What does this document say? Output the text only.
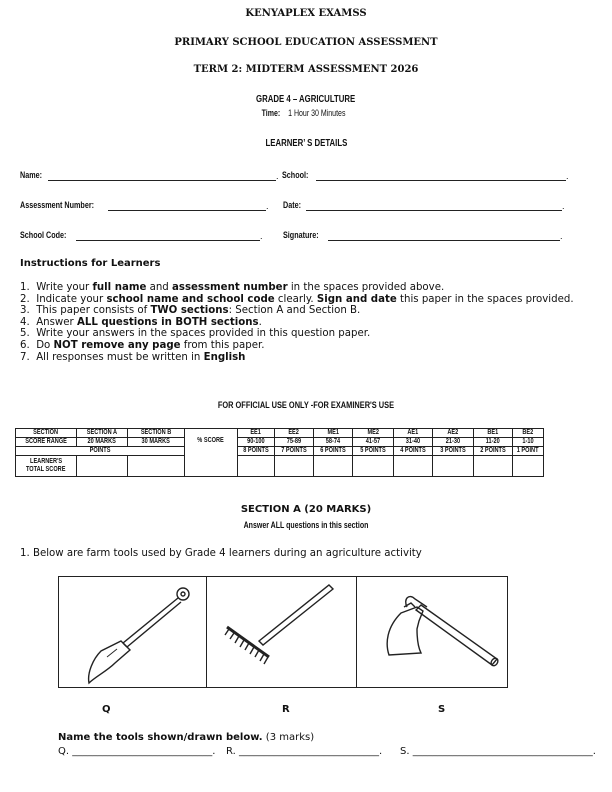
KENYAPLEX EXAMSS
PRIMARY SCHOOL EDUCATION ASSESSMENT
TERM 2: MIDTERM ASSESSMENT 2026
GRADE 4 – AGRICULTURE
Time: 1 Hour 30 Minutes
LEARNER’ S DETAILS
Name:	. School:	.
Assessment Number:	. Date:	.
School Code:	. Signature:	.
Instructions for Learners
1.  Write your full name and assessment number in the spaces provided above.
2.  Indicate your school name and school code clearly. Sign and date this paper in the spaces provided.
3.  This paper consists of TWO sections: Section A and Section B.
4.  Answer ALL questions in BOTH sections.
5.  Write your answers in the spaces provided in this question paper.
6.  Do NOT remove any page from this paper.
7.  All responses must be written in English
FOR OFFICIAL USE ONLY -FOR EXAMINER'S USE
SECTION	SECTION A	SECTION B	% SCORE	EE1	EE2	ME1	ME2	AE1	AE2	BE1	BE2
SCORE RANGE	20 MARKS	30 MARKS		90-100	75-89	58-74	41-57	31-40	21-30	11-20	1-10
POINTS				8 POINTS	7 POINTS	6 POINTS	5 POINTS	4 POINTS	3 POINTS	2 POINTS	1 POINT
LEARNER'S
TOTAL SCORE											
SECTION A (20 MARKS)
Answer ALL questions in this section
1. Below are farm tools used by Grade 4 learners during an agriculture activity
Q	R	S
Name the tools shown/drawn below. (3 marks)
Q. ____________________________. R. ____________________________. S. ____________________________________.
